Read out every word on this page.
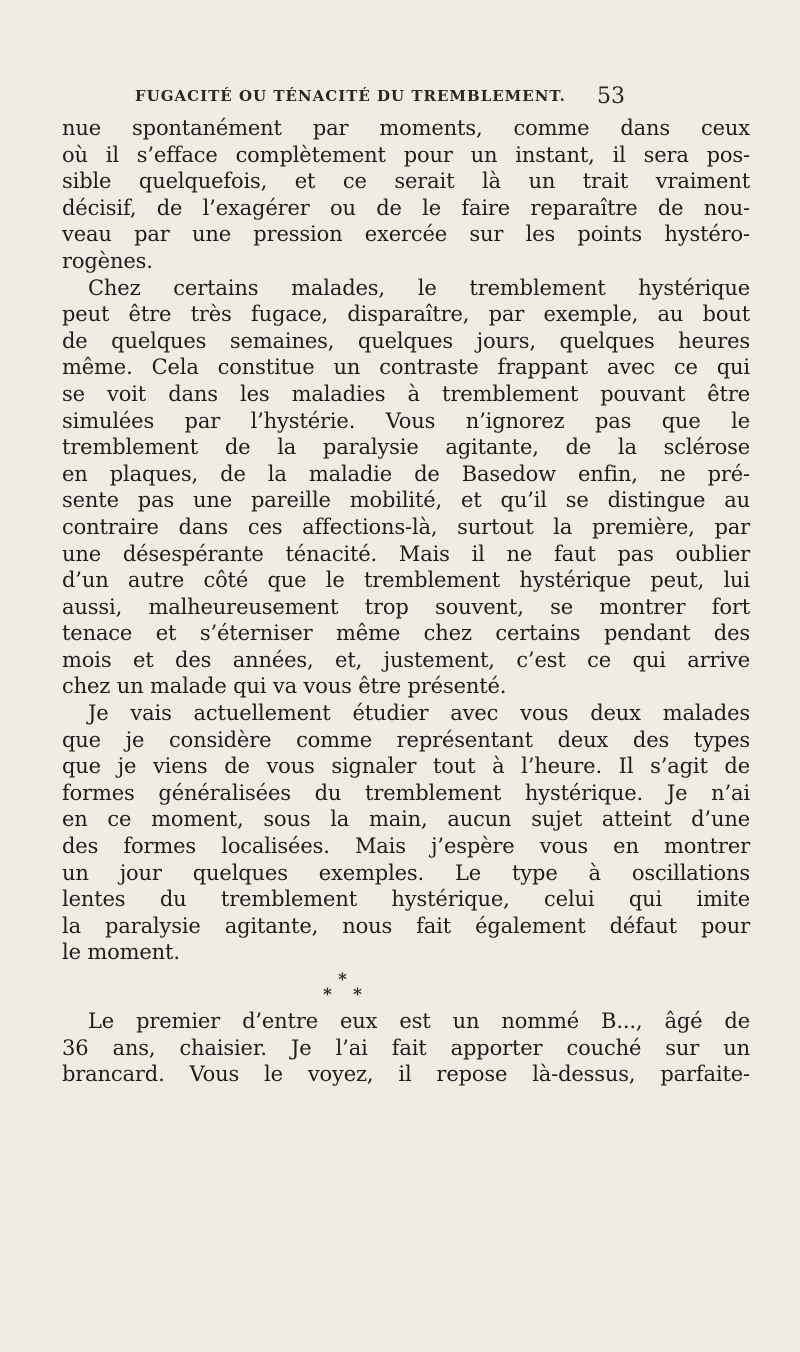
FUGACITÉ OU TÉNACITÉ DU TREMBLEMENT. 53
nue spontanément par moments, comme dans ceux
où il s’efface complètement pour un instant, il sera pos-
sible quelquefois, et ce serait là un trait vraiment
décisif, de l’exagérer ou de le faire reparaître de nou-
veau par une pression exercée sur les points hystéro-
rogènes.
Chez certains malades, le tremblement hystérique
peut être très fugace, disparaître, par exemple, au bout
de quelques semaines, quelques jours, quelques heures
même. Cela constitue un contraste frappant avec ce qui
se voit dans les maladies à tremblement pouvant être
simulées par l’hystérie. Vous n’ignorez pas que le
tremblement de la paralysie agitante, de la sclérose
en plaques, de la maladie de Basedow enfin, ne pré-
sente pas une pareille mobilité, et qu’il se distingue au
contraire dans ces affections-là, surtout la première, par
une désespérante ténacité. Mais il ne faut pas oublier
d’un autre côté que le tremblement hystérique peut, lui
aussi, malheureusement trop souvent, se montrer fort
tenace et s’éterniser même chez certains pendant des
mois et des années, et, justement, c’est ce qui arrive
chez un malade qui va vous être présenté.
Je vais actuellement étudier avec vous deux malades
que je considère comme représentant deux des types
que je viens de vous signaler tout à l’heure. Il s’agit de
formes généralisées du tremblement hystérique. Je n’ai
en ce moment, sous la main, aucun sujet atteint d’une
des formes localisées. Mais j’espère vous en montrer
un jour quelques exemples. Le type à oscillations
lentes du tremblement hystérique, celui qui imite
la paralysie agitante, nous fait également défaut pour
le moment.
*
* *
Le premier d’entre eux est un nommé B..., âgé de
36 ans, chaisier. Je l’ai fait apporter couché sur un
brancard. Vous le voyez, il repose là-dessus, parfaite-
